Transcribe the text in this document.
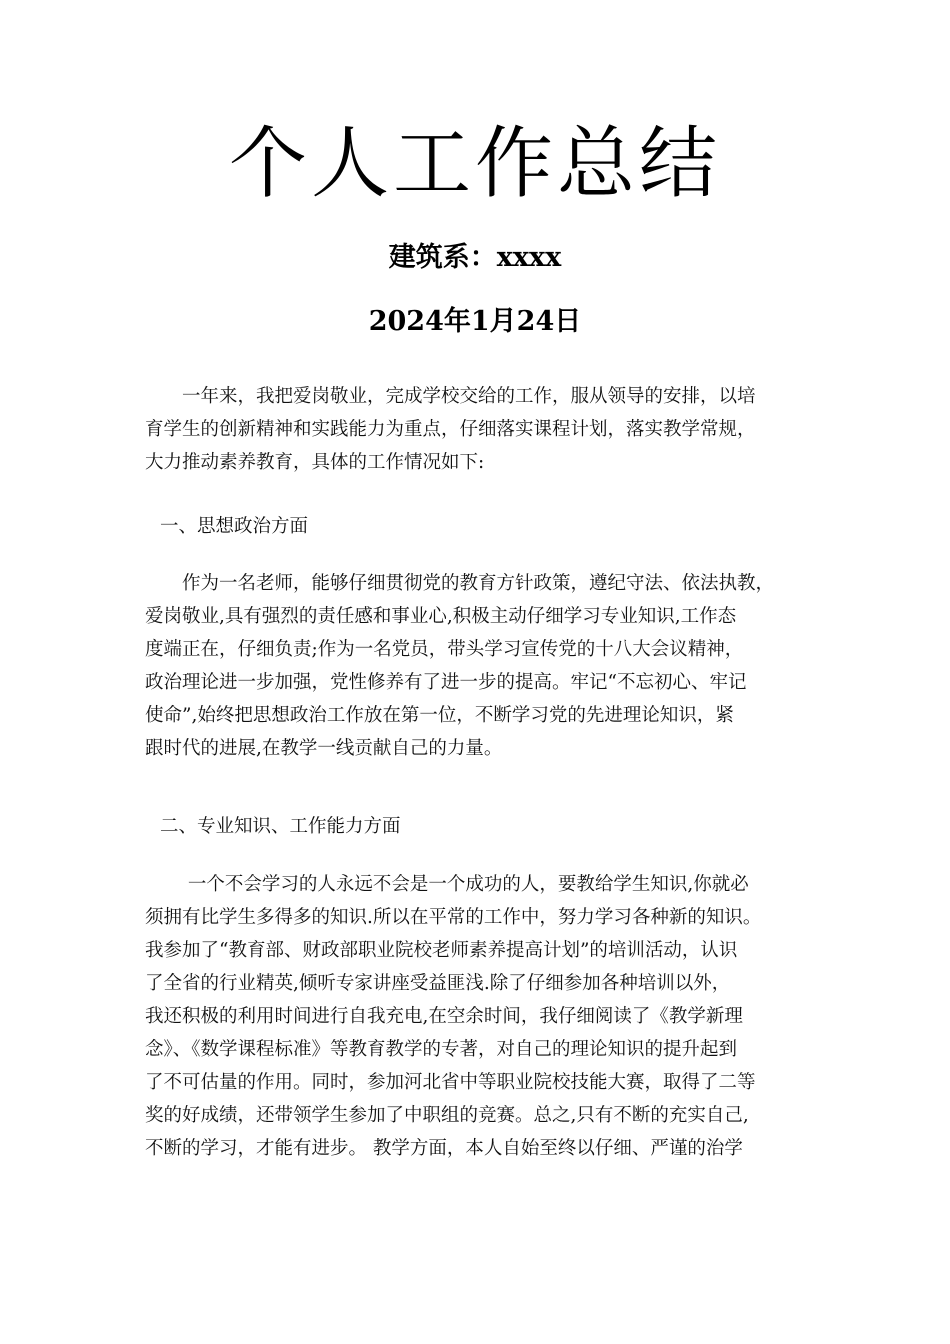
个人工作总结
建筑系：xxxx
2024年1月24日
　　一年来，我把爱岗敬业，完成学校交给的工作，服从领导的安排，以培
育学生的创新精神和实践能力为重点，仔细落实课程计划，落实教学常规，
大力推动素养教育，具体的工作情况如下:
一、思想政治方面
　　作为一名老师，能够仔细贯彻党的教育方针政策，遵纪守法、依法执教，
爱岗敬业,具有强烈的责任感和事业心,积极主动仔细学习专业知识,工作态
度端正在，仔细负责;作为一名党员，带头学习宣传党的十八大会议精神，
政治理论进一步加强，党性修养有了进一步的提高。牢记“不忘初心、牢记
使命”,始终把思想政治工作放在第一位，不断学习党的先进理论知识，紧
跟时代的进展,在教学一线贡献自己的力量。
二、专业知识、工作能力方面
　　 一个不会学习的人永远不会是一个成功的人，要教给学生知识,你就必
须拥有比学生多得多的知识.所以在平常的工作中，努力学习各种新的知识。
我参加了“教育部、财政部职业院校老师素养提高计划”的培训活动，认识
了全省的行业精英,倾听专家讲座受益匪浅.除了仔细参加各种培训以外，
我还积极的利用时间进行自我充电,在空余时间，我仔细阅读了《教学新理
念》、《数学课程标准》等教育教学的专著，对自己的理论知识的提升起到
了不可估量的作用。同时，参加河北省中等职业院校技能大赛，取得了二等
奖的好成绩，还带领学生参加了中职组的竞赛。总之,只有不断的充实自己,
不断的学习，才能有进步。 教学方面，本人自始至终以仔细、严谨的治学
